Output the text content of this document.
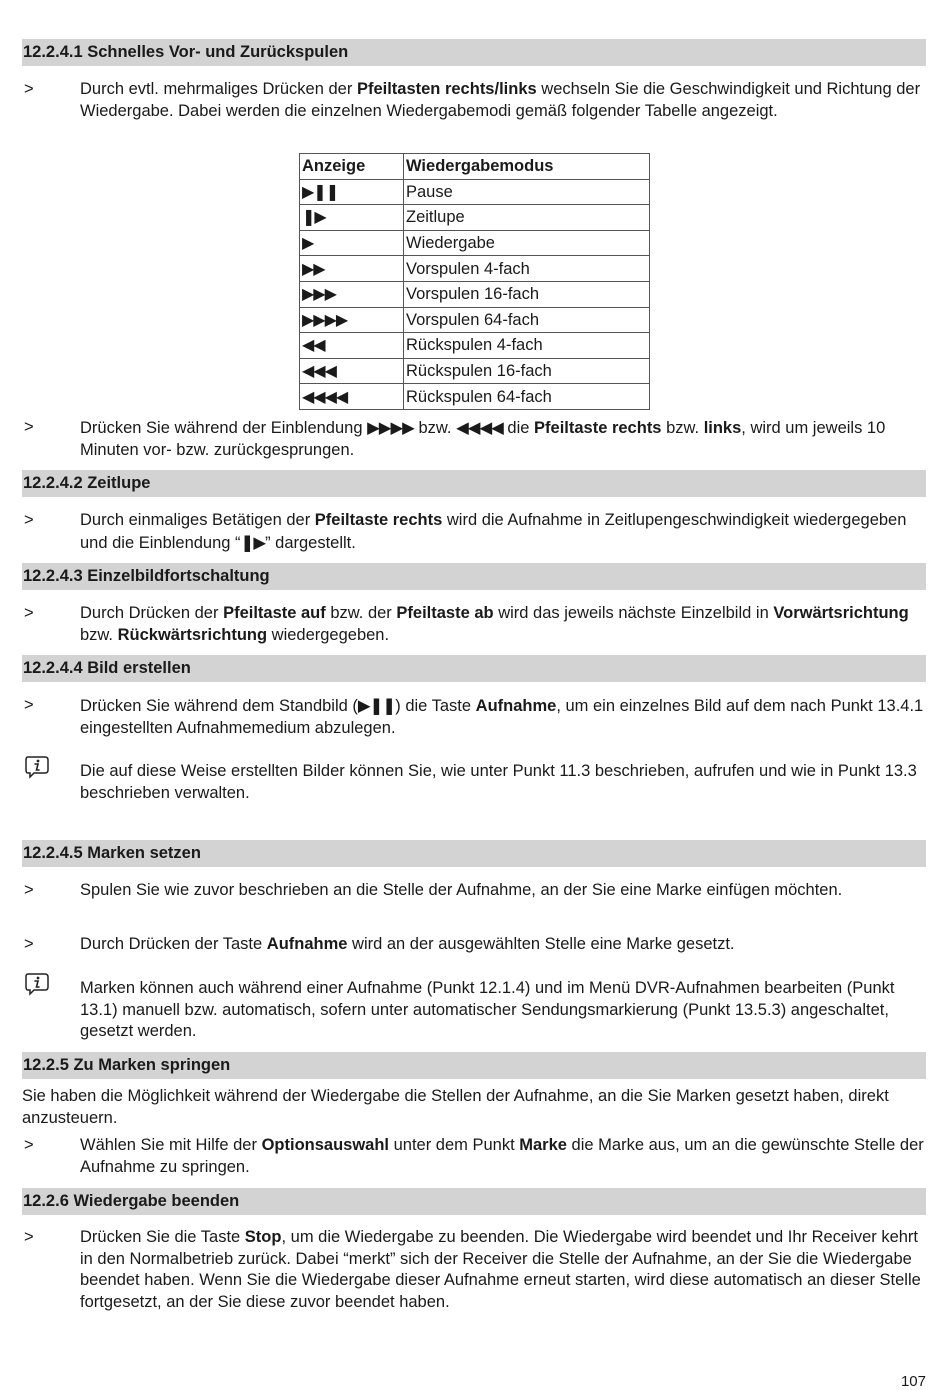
12.2.4.1 Schnelles Vor- und Zurückspulen
>	Durch evtl. mehrmaliges Drücken der Pfeiltasten rechts/links wechseln Sie die Geschwindigkeit und Richtung der Wiedergabe. Dabei werden die einzelnen Wiedergabemodi gemäß folgender Tabelle angezeigt.
Anzeige	Wiedergabemodus
▶❚❚	Pause
❚▶	Zeitlupe
▶	Wiedergabe
▶▶	Vorspulen 4-fach
▶▶▶	Vorspulen 16-fach
▶▶▶▶	Vorspulen 64-fach
◀◀	Rückspulen 4-fach
◀◀◀	Rückspulen 16-fach
◀◀◀◀	Rückspulen 64-fach
>	Drücken Sie während der Einblendung ▶▶▶▶ bzw. ◀◀◀◀ die Pfeiltaste rechts bzw. links, wird um jeweils 10 Minuten vor- bzw. zurückgesprungen.
12.2.4.2 Zeitlupe
>	Durch einmaliges Betätigen der Pfeiltaste rechts wird die Aufnahme in Zeitlupengeschwindigkeit wiedergegeben und die Einblendung “❚▶” dargestellt.
12.2.4.3 Einzelbildfortschaltung
>	Durch Drücken der Pfeiltaste auf bzw. der Pfeiltaste ab wird das jeweils nächste Einzelbild in Vorwärtsrichtung bzw. Rückwärtsrichtung wiedergegeben.
12.2.4.4 Bild erstellen
>	Drücken Sie während dem Standbild (▶❚❚) die Taste Aufnahme, um ein einzelnes Bild auf dem nach Punkt 13.4.1 eingestellten Aufnahmemedium abzulegen.
Die auf diese Weise erstellten Bilder können Sie, wie unter Punkt 11.3 beschrieben, aufrufen und wie in Punkt 13.3 beschrieben verwalten.
12.2.4.5 Marken setzen
>	Spulen Sie wie zuvor beschrieben an die Stelle der Aufnahme, an der Sie eine Marke einfügen möchten.
>	Durch Drücken der Taste Aufnahme wird an der ausgewählten Stelle eine Marke gesetzt.
Marken können auch während einer Aufnahme (Punkt 12.1.4) und im Menü DVR-Aufnahmen bearbeiten (Punkt 13.1) manuell bzw. automatisch, sofern unter automatischer Sendungsmarkierung (Punkt 13.5.3) angeschaltet, gesetzt werden.
12.2.5 Zu Marken springen
Sie haben die Möglichkeit während der Wiedergabe die Stellen der Aufnahme, an die Sie Marken gesetzt haben, direkt anzusteuern.
>	Wählen Sie mit Hilfe der Optionsauswahl unter dem Punkt Marke die Marke aus, um an die gewünschte Stelle der Aufnahme zu springen.
12.2.6 Wiedergabe beenden
>	Drücken Sie die Taste Stop, um die Wiedergabe zu beenden. Die Wiedergabe wird beendet und Ihr Receiver kehrt in den Normalbetrieb zurück. Dabei “merkt” sich der Receiver die Stelle der Aufnahme, an der Sie die Wiedergabe beendet haben. Wenn Sie die Wiedergabe dieser Aufnahme erneut starten, wird diese automatisch an dieser Stelle fortgesetzt, an der Sie diese zuvor beendet haben.
107
